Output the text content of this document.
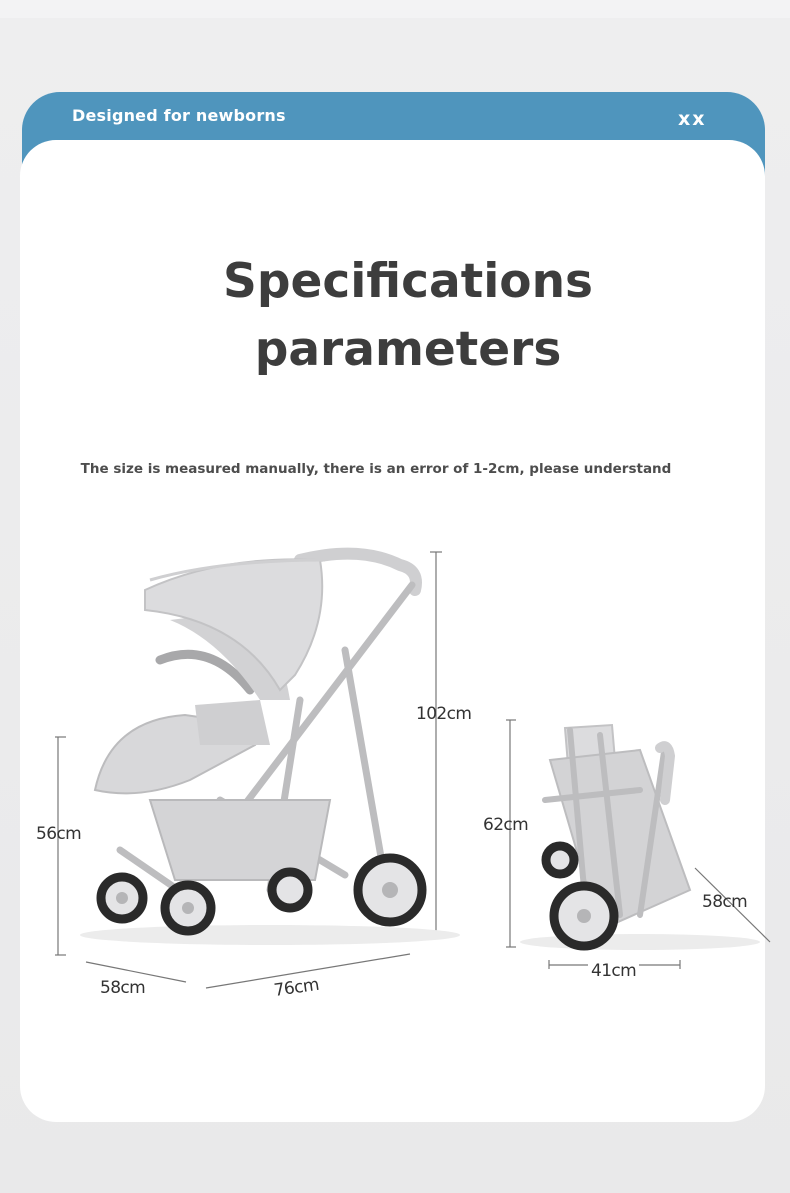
Designed for newborns	xx
Specifications
parameters
The size is measured manually, there is an error of 1-2cm, please understand
102cm
56cm
58cm	76cm
62cm
58cm
41cm
